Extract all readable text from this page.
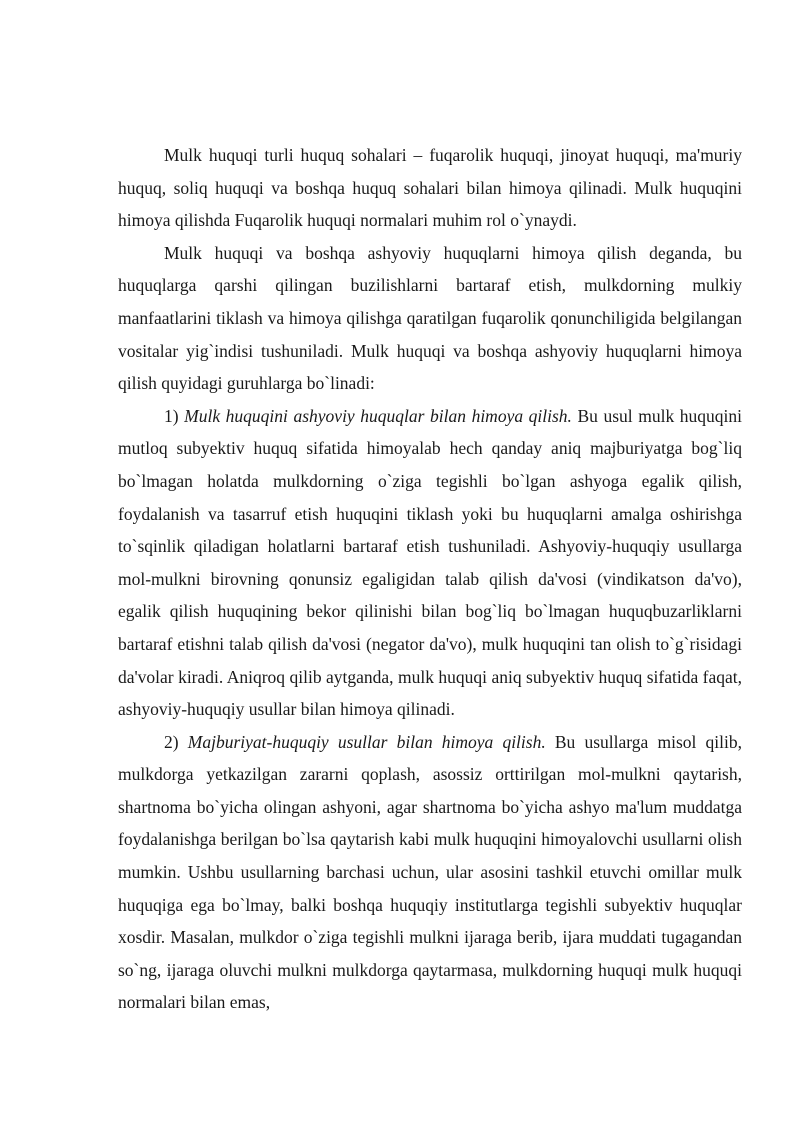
Mulk huquqi turli huquq sohalari – fuqarolik huquqi, jinoyat huquqi, ma'muriy huquq, soliq huquqi va boshqa huquq sohalari bilan himoya qilinadi. Mulk huquqini himoya qilishda Fuqarolik huquqi normalari muhim rol o`ynaydi.

Mulk huquqi va boshqa ashyoviy huquqlarni himoya qilish deganda, bu huquqlarga qarshi qilingan buzilishlarni bartaraf etish, mulkdorning mulkiy manfaatlarini tiklash va himoya qilishga qaratilgan fuqarolik qonunchiligida belgilangan vositalar yig`indisi tushuniladi. Mulk huquqi va boshqa ashyoviy huquqlarni himoya qilish quyidagi guruhlarga bo`linadi:

1) Mulk huquqini ashyoviy huquqlar bilan himoya qilish. Bu usul mulk huquqini mutloq subyektiv huquq sifatida himoyalab hech qanday aniq majburiyatga bog`liq bo`lmagan holatda mulkdorning o`ziga tegishli bo`lgan ashyoga egalik qilish, foydalanish va tasarruf etish huquqini tiklash yoki bu huquqlarni amalga oshirishga to`sqinlik qiladigan holatlarni bartaraf etish tushuniladi. Ashyoviy-huquqiy usullarga mol-mulkni birovning qonunsiz egaligidan talab qilish da'vosi (vindikatson da'vo), egalik qilish huquqining bekor qilinishi bilan bog`liq bo`lmagan huquqbuzarliklarni bartaraf etishni talab qilish da'vosi (negator da'vo), mulk huquqini tan olish to`g`risidagi da'volar kiradi. Aniqroq qilib aytganda, mulk huquqi aniq subyektiv huquq sifatida faqat, ashyoviy-huquqiy usullar bilan himoya qilinadi.

2) Majburiyat-huquqiy usullar bilan himoya qilish. Bu usullarga misol qilib, mulkdorga yetkazilgan zararni qoplash, asossiz orttirilgan mol-mulkni qaytarish, shartnoma bo`yicha olingan ashyoni, agar shartnoma bo`yicha ashyo ma'lum muddatga foydalanishga berilgan bo`lsa qaytarish kabi mulk huquqini himoyalovchi usullarni olish mumkin. Ushbu usullarning barchasi uchun, ular asosini tashkil etuvchi omillar mulk huquqiga ega bo`lmay, balki boshqa huquqiy institutlarga tegishli subyektiv huquqlar xosdir. Masalan, mulkdor o`ziga tegishli mulkni ijaraga berib, ijara muddati tugagandan so`ng, ijaraga oluvchi mulkni mulkdorga qaytarmasa, mulkdorning huquqi mulk huquqi normalari bilan emas,
